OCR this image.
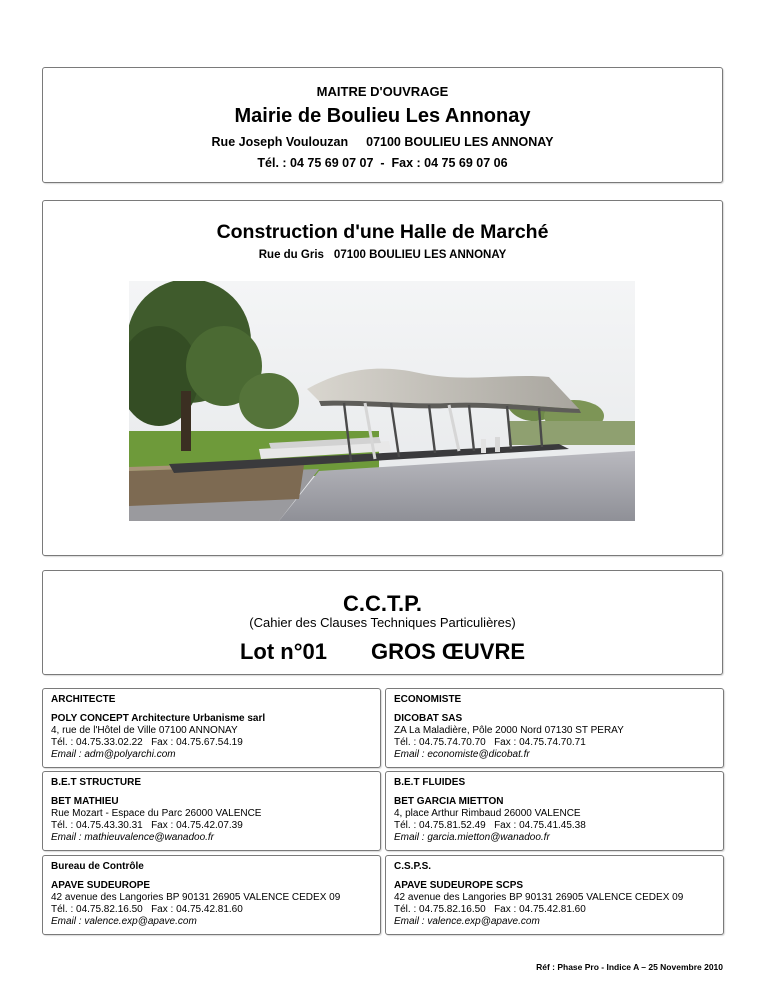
MAITRE D'OUVRAGE
Mairie de Boulieu Les Annonay
Rue Joseph Voulouzan 07100 BOULIEU LES ANNONAY
Tél. : 04 75 69 07 07  -  Fax : 04 75 69 07 06
Construction d'une Halle de Marché
Rue du Gris 07100 BOULIEU LES ANNONAY
C.C.T.P.
(Cahier des Clauses Techniques Particulières)
Lot n°01 GROS ŒUVRE
ARCHITECTE
POLY CONCEPT Architecture Urbanisme sarl
4, rue de l'Hôtel de Ville 07100 ANNONAY
Tél. : 04.75.33.02.22   Fax : 04.75.67.54.19
Email : adm@polyarchi.com
ECONOMISTE
DICOBAT SAS
ZA La Maladière, Pôle 2000 Nord 07130 ST PERAY
Tél. : 04.75.74.70.70   Fax : 04.75.74.70.71
Email : economiste@dicobat.fr
B.E.T STRUCTURE
BET MATHIEU
Rue Mozart - Espace du Parc 26000 VALENCE
Tél. : 04.75.43.30.31   Fax : 04.75.42.07.39
Email : mathieuvalence@wanadoo.fr
B.E.T FLUIDES
BET GARCIA MIETTON
4, place Arthur Rimbaud 26000 VALENCE
Tél. : 04.75.81.52.49   Fax : 04.75.41.45.38
Email : garcia.mietton@wanadoo.fr
Bureau de Contrôle
APAVE SUDEUROPE
42 avenue des Langories BP 90131 26905 VALENCE CEDEX 09
Tél. : 04.75.82.16.50   Fax : 04.75.42.81.60
Email : valence.exp@apave.com
C.S.P.S.
APAVE SUDEUROPE SCPS
42 avenue des Langories BP 90131 26905 VALENCE CEDEX 09
Tél. : 04.75.82.16.50   Fax : 04.75.42.81.60
Email : valence.exp@apave.com
Réf : Phase Pro - Indice A – 25 Novembre 2010
